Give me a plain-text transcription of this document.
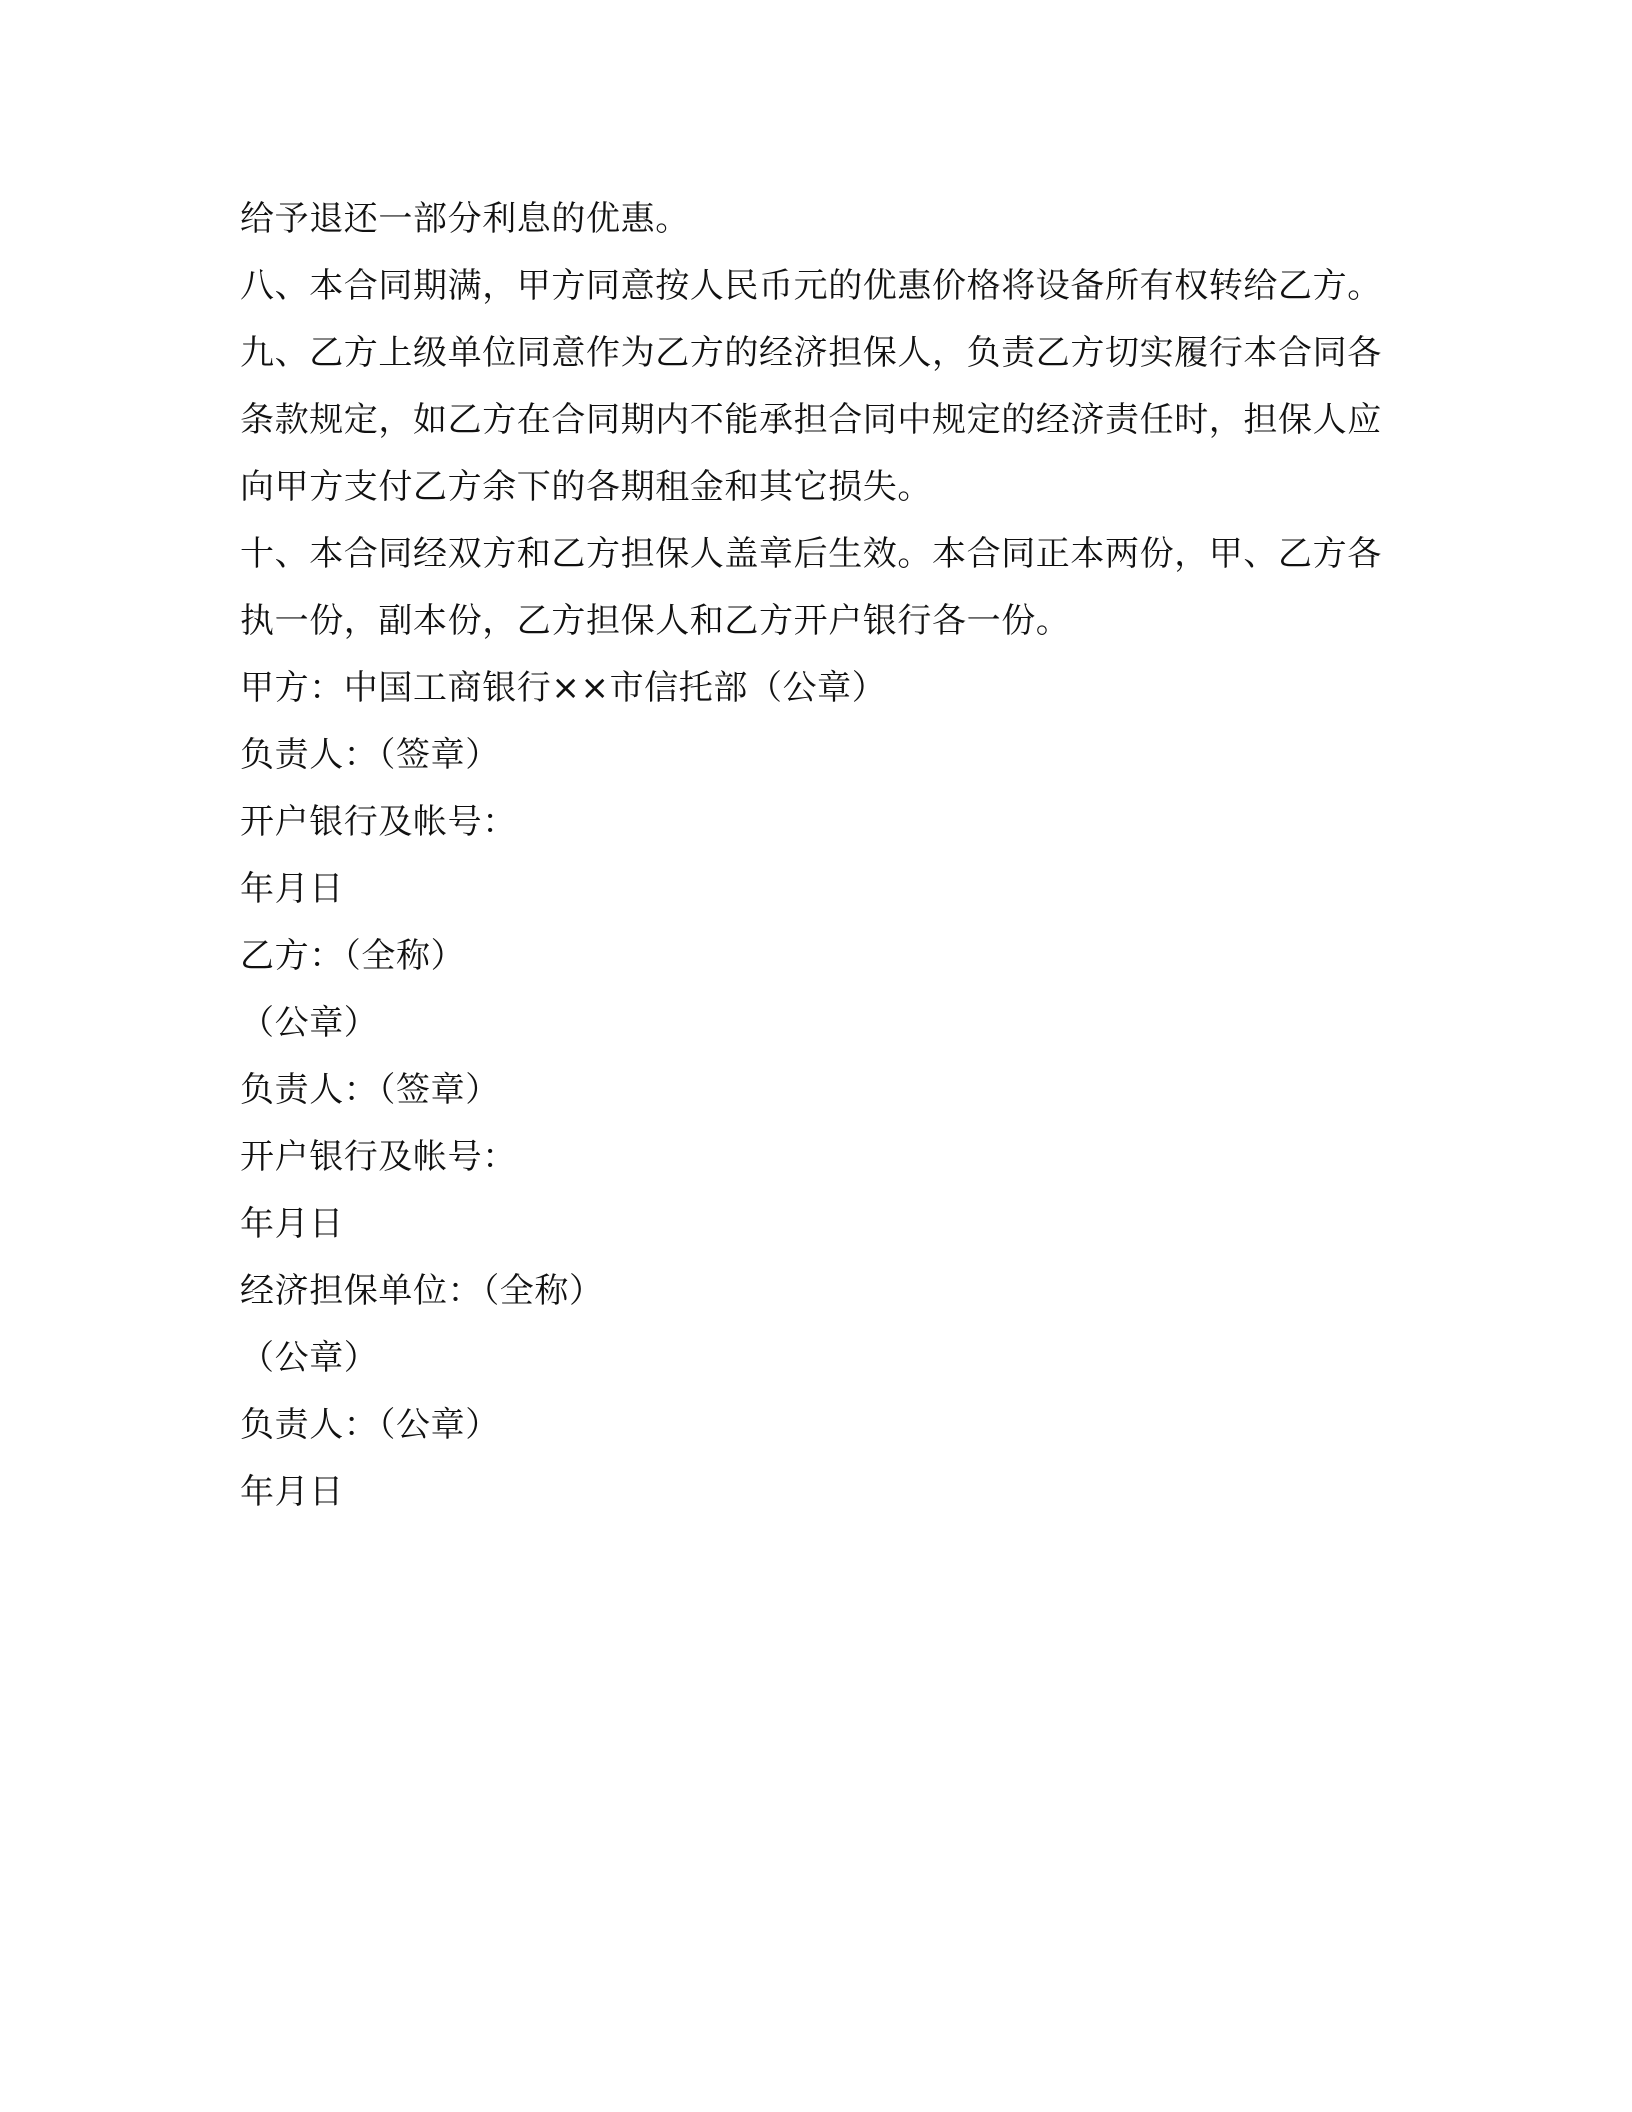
给予退还一部分利息的优惠。

八、本合同期满，甲方同意按人民币元的优惠价格将设备所有权转给乙方。

九、乙方上级单位同意作为乙方的经济担保人，负责乙方切实履行本合同各条款规定，如乙方在合同期内不能承担合同中规定的经济责任时，担保人应向甲方支付乙方余下的各期租金和其它损失。

十、本合同经双方和乙方担保人盖章后生效。本合同正本两份，甲、乙方各执一份，副本份，乙方担保人和乙方开户银行各一份。

甲方：中国工商银行××市信托部（公章）

负责人：（签章）

开户银行及帐号：

年月日

乙方：（全称）

（公章）

负责人：（签章）

开户银行及帐号：

年月日

经济担保单位：（全称）

（公章）

负责人：（公章）

年月日
